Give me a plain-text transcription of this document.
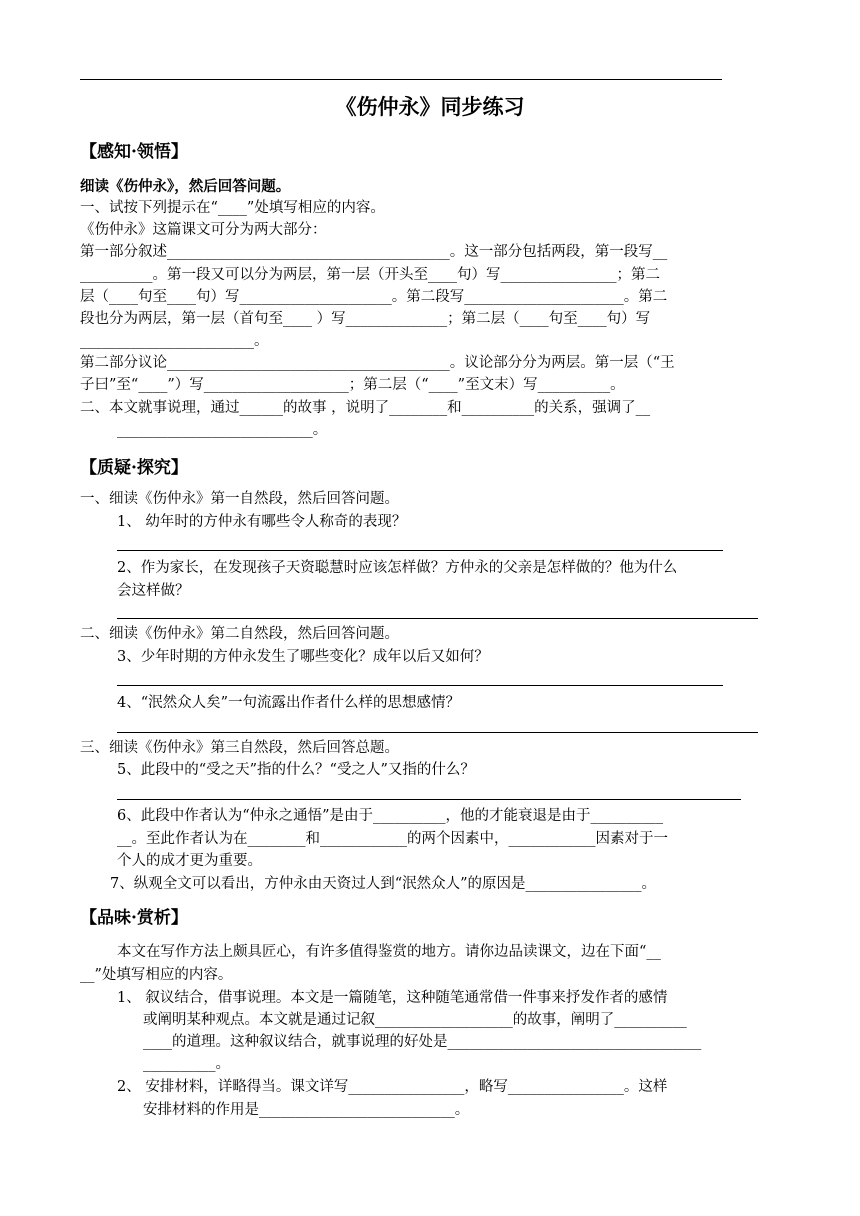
《伤仲永》同步练习
【感知·领悟】
细读《伤仲永》，然后回答问题。
一、试按下列提示在“____”处填写相应的内容。
《伤仲永》这篇课文可分为两大部分：
第一部分叙述_______________________________________。这一部分包括两段，第一段写__
__________。第一段又可以分为两层，第一层（开头至____句）写________________；第二
层（____句至____句）写_____________________。第二段写______________________。第二
段也分为两层，第一层（首句至____ ）写______________；第二层（____句至____句）写
________________________。
第二部分议论_______________________________________。议论部分分为两层。第一层（“王
子曰”至“____”）写____________________；第二层（“____”至文末）写__________。
二、本文就事说理，通过______的故事 ，说明了________和__________的关系，强调了__
___________________________。
【质疑·探究】
一、细读《伤仲永》第一自然段，然后回答问题。
1、 幼年时的方仲永有哪些令人称奇的表现？
2、作为家长，在发现孩子天资聪慧时应该怎样做？方仲永的父亲是怎样做的？他为什么
会这样做？
二、细读《伤仲永》第二自然段，然后回答问题。
3、少年时期的方仲永发生了哪些变化？成年以后又如何？
4、“泯然众人矣”一句流露出作者什么样的思想感情？
三、细读《伤仲永》第三自然段，然后回答总题。
5、此段中的“受之天”指的什么？“受之人”又指的什么？
6、此段中作者认为“仲永之通悟”是由于__________，他的才能衰退是由于__________
__。至此作者认为在________和____________的两个因素中，____________因素对于一
个人的成才更为重要。
7、纵观全文可以看出，方仲永由天资过人到“泯然众人”的原因是________________。
【品味·赏析】
本文在写作方法上颇具匠心，有许多值得鉴赏的地方。请你边品读课文，边在下面“__
__”处填写相应的内容。
1、 叙议结合，借事说理。本文是一篇随笔，这种随笔通常借一件事来抒发作者的感情
或阐明某种观点。本文就是通过记叙___________________的故事，阐明了__________
____的道理。这种叙议结合，就事说理的好处是___________________________________
__________。
2、 安排材料，详略得当。课文详写________________，略写________________。这样
安排材料的作用是___________________________。
